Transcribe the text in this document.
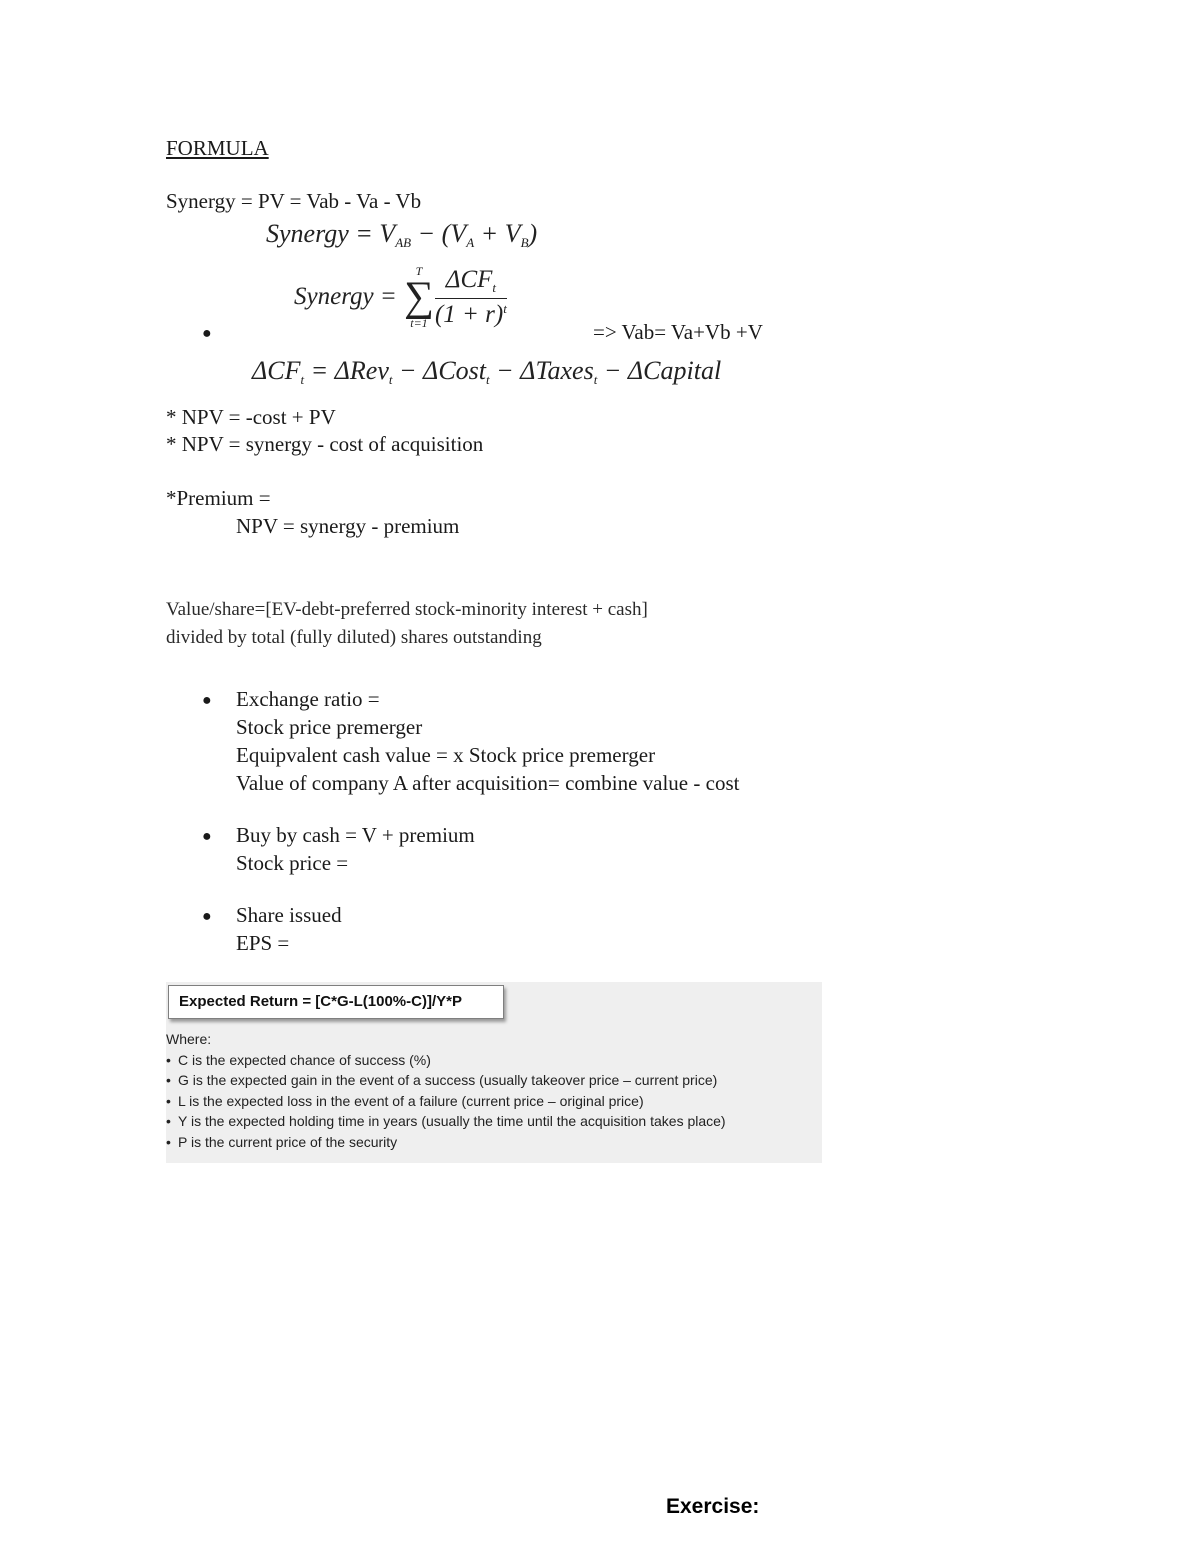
FORMULA
Synergy = PV = Vab - Va - Vb
Synergy = $V_{AB} - (V_A + V_B)$
Synergy =
T
∑
$t=1 \frac{\Delta CF_t}{(1 + r)^t}$
●	=> Vab= Va+Vb +V
$\Delta CF_t = \Delta Rev_t$ − ΔCost$_t$ − ΔTaxes$_t$ − ΔCapital
* NPV = -cost + PV
* NPV = synergy - cost of acquisition
*Premium =
NPV = synergy - premium
Value/share=[EV-debt-preferred stock-minority interest + cash]
divided by total (fully diluted) shares outstanding
● Exchange ratio =
Stock price premerger
Equipvalent cash value = x Stock price premerger
Value of company A after acquisition= combine value - cost
● Buy by cash = V + premium
Stock price =
● Share issued
EPS =
Expected Return = [C*G-L(100%-C)]/Y*P
Where:
• C is the expected chance of success (%)
• G is the expected gain in the event of a success (usually takeover price – current price)
• L is the expected loss in the event of a failure (current price – original price)
• Y is the expected holding time in years (usually the time until the acquisition takes place)
• P is the current price of the security
Exercise:
